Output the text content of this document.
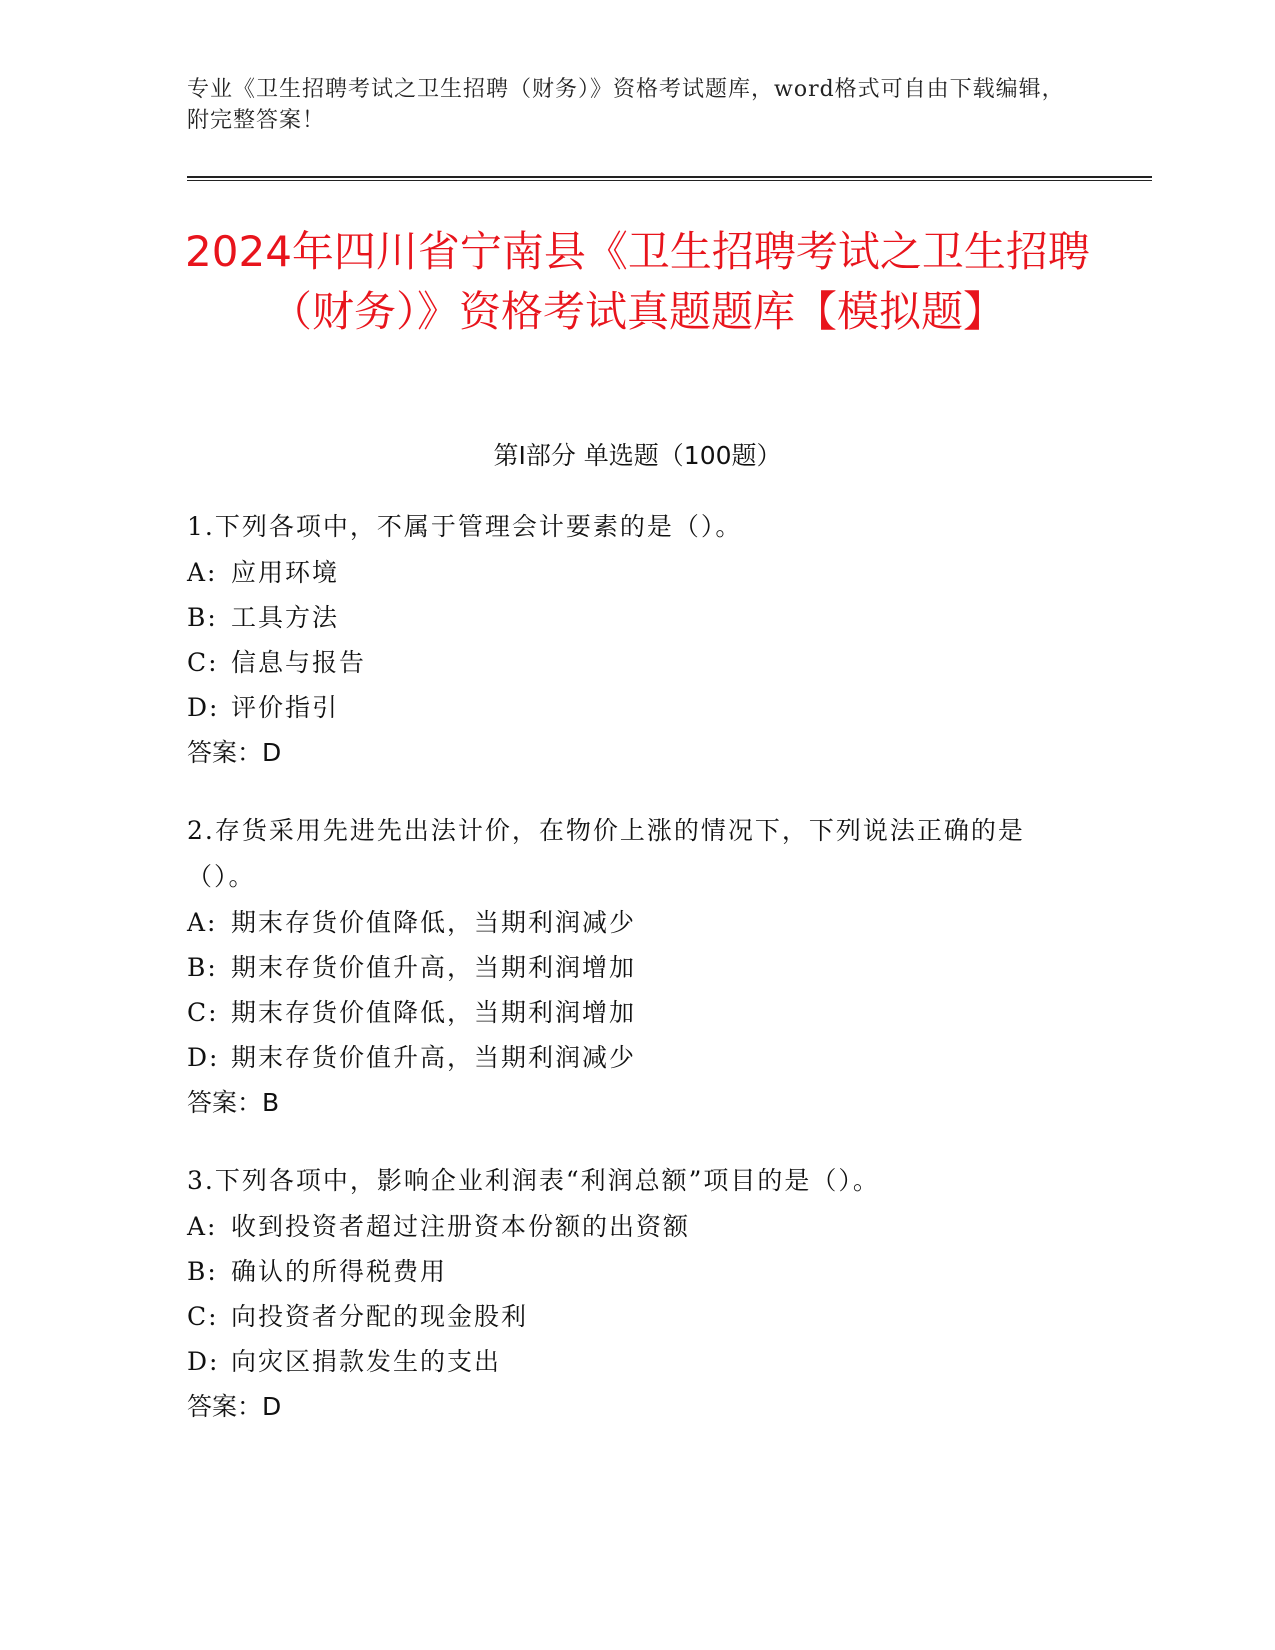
专业《卫生招聘考试之卫生招聘（财务）》资格考试题库，word格式可自由下载编辑，附完整答案！
2024年四川省宁南县《卫生招聘考试之卫生招聘（财务）》资格考试真题题库【模拟题】
第I部分 单选题（100题）

1.下列各项中，不属于管理会计要素的是（）。

A: 应用环境

B: 工具方法

C: 信息与报告

D: 评价指引

答案：D

2.存货采用先进先出法计价，在物价上涨的情况下，下列说法正确的是（）。

A: 期末存货价值降低，当期利润减少

B: 期末存货价值升高，当期利润增加

C: 期末存货价值降低，当期利润增加

D: 期末存货价值升高，当期利润减少

答案：B

3.下列各项中，影响企业利润表“利润总额”项目的是（）。

A: 收到投资者超过注册资本份额的出资额

B: 确认的所得税费用

C: 向投资者分配的现金股利

D: 向灾区捐款发生的支出

答案：D
